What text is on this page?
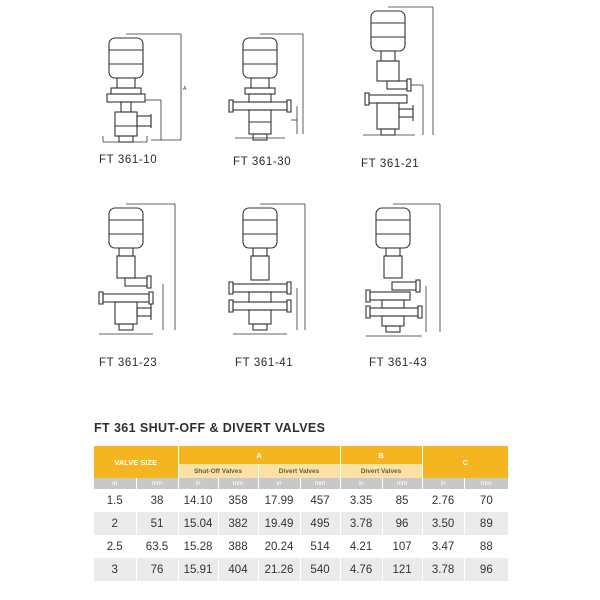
A
FT 361-10	FT 361-30	FT 361-21
FT 361-23	FT 361-41	FT 361-43
FT 361 SHUT-OFF & DIVERT VALVES
VALVE SIZE		A				B		C	
		Shut-Off Valves		Divert Valves		Divert Valves			
in	mm	in	mm	in	mm	in	mm	in	mm
1.5	38	14.10	358	17.99	457	3.35	85	2.76	70
2	51	15.04	382	19.49	495	3.78	96	3.50	89
2.5	63.5	15.28	388	20.24	514	4.21	107	3.47	88
3	76	15.91	404	21.26	540	4.76	121	3.78	96
